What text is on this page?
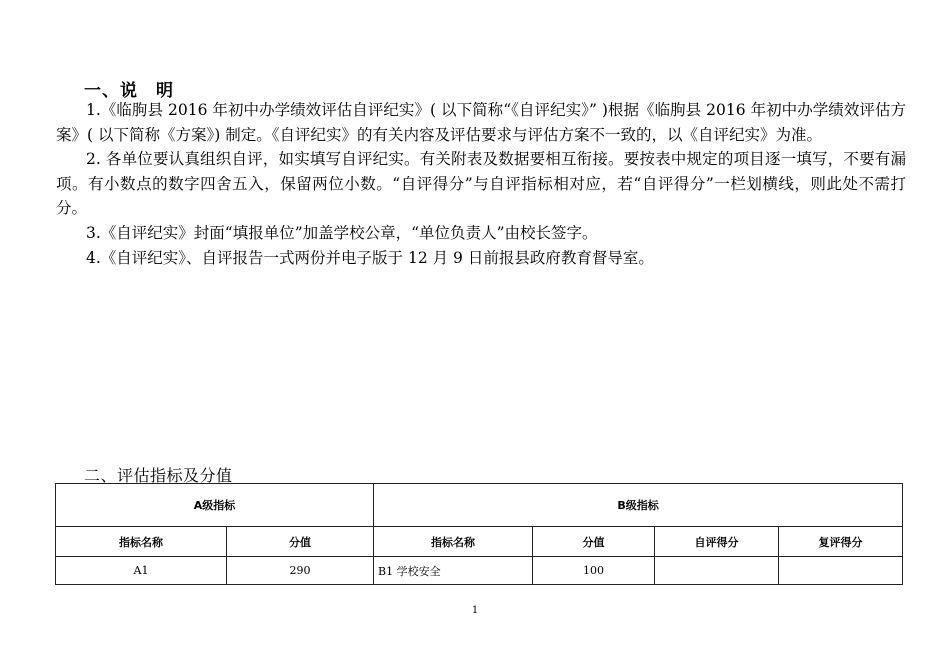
一、说　明

1.《临朐县 2016 年初中办学绩效评估自评纪实》( 以下简称“《自评纪实》” )根据《临朐县 2016 年初中办学绩效评估方案》( 以下简称《方案》) 制定。《自评纪实》的有关内容及评估要求与评估方案不一致的，以《自评纪实》为准。

2. 各单位要认真组织自评，如实填写自评纪实。有关附表及数据要相互衔接。要按表中规定的项目逐一填写，不要有漏项。有小数点的数字四舍五入，保留两位小数。“自评得分”与自评指标相对应，若“自评得分”一栏划横线，则此处不需打分。

3.《自评纪实》封面“填报单位”加盖学校公章，“单位负责人”由校长签字。

4.《自评纪实》、自评报告一式两份并电子版于 12 月 9 日前报县政府教育督导室。

二、评估指标及分值
A级指标		B级指标			
指标名称	分值	指标名称	分值	自评得分	复评得分
A1	290	B1 学校安全	100		
1
